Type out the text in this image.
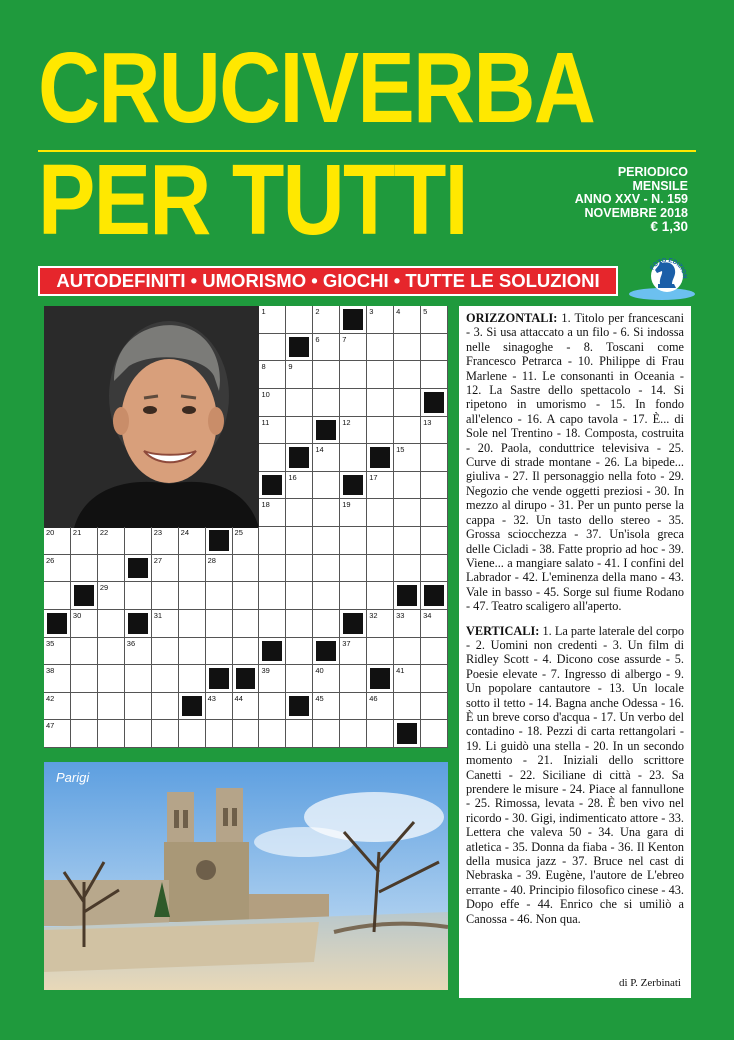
CRUCIVERBA
PER TUTTI	PERIODICO
MENSILE
ANNO XXV - N. 159
NOVEMBRE 2018
€ 1,30
AUTODEFINITI • UMORISMO • GIOCHI • TUTTE LE SOLUZIONI
FOTO EDIZION
1	2	3	4	5
6	7
8	9
10
11	12	13
14	15
16	17
18	19
20 21 22	23 24	25
26	27	28
29
30	31	32 33 34
35	36	37
38	39	40	41
42	43 44	45	46
47

ORIZZONTALI: 1. Titolo per francescani - 3. Si usa attaccato a un filo - 6. Si indossa nelle sinagoghe - 8. Toscani come Francesco Petrarca - 10. Philippe di Frau Marlene - 11. Le consonanti in Oceania - 12. La Sastre dello spettacolo - 14. Si ripetono in umorismo - 15. In fondo all'elenco - 16. A capo tavola - 17. È... di Sole nel Trentino - 18. Composta, costruita - 20. Paola, conduttrice televisiva - 25. Curve di strade montane - 26. La bipede... giuliva - 27. Il personaggio nella foto - 29. Negozio che vende oggetti preziosi - 30. In mezzo al dirupo - 31. Per un punto perse la cappa - 32. Un tasto dello stereo - 35. Grossa sciocchezza - 37. Un'isola greca delle Cicladi - 38. Fatte proprio ad hoc - 39. Viene... a mangiare salato - 41. I confini del Labrador - 42. L'eminenza della mano - 43. Vale in basso - 45. Sorge sul fiume Rodano - 47. Teatro scaligero all'aperto.

VERTICALI: 1. La parte laterale del corpo - 2. Uomini non credenti - 3. Un film di Ridley Scott - 4. Dicono cose assurde - 5. Poesie elevate - 7. Ingresso di albergo - 9. Un popolare cantautore - 13. Un locale sotto il tetto - 14. Bagna anche Odessa - 16. È un breve corso d'acqua - 17. Un verbo del contadino - 18. Pezzi di carta rettangolari - 19. Li guidò una stella - 20. In un secondo momento - 21. Iniziali dello scrittore Canetti - 22. Siciliane di città - 23. Sa prendere le misure - 24. Piace al fannullone - 25. Rimossa, levata - 28. È ben vivo nel ricordo - 30. Gigi, indimenticato attore - 33. Lettera che valeva 50 - 34. Una gara di atletica - 35. Donna da fiaba - 36. Il Kenton della musica jazz - 37. Bruce nel cast di Nebraska - 39. Eugène, l'autore de L'ebreo errante - 40. Principio filosofico cinese - 43. Dopo effe - 44. Enrico che si umiliò a Canossa - 46. Non qua.

di P. Zerbinati
Parigi
